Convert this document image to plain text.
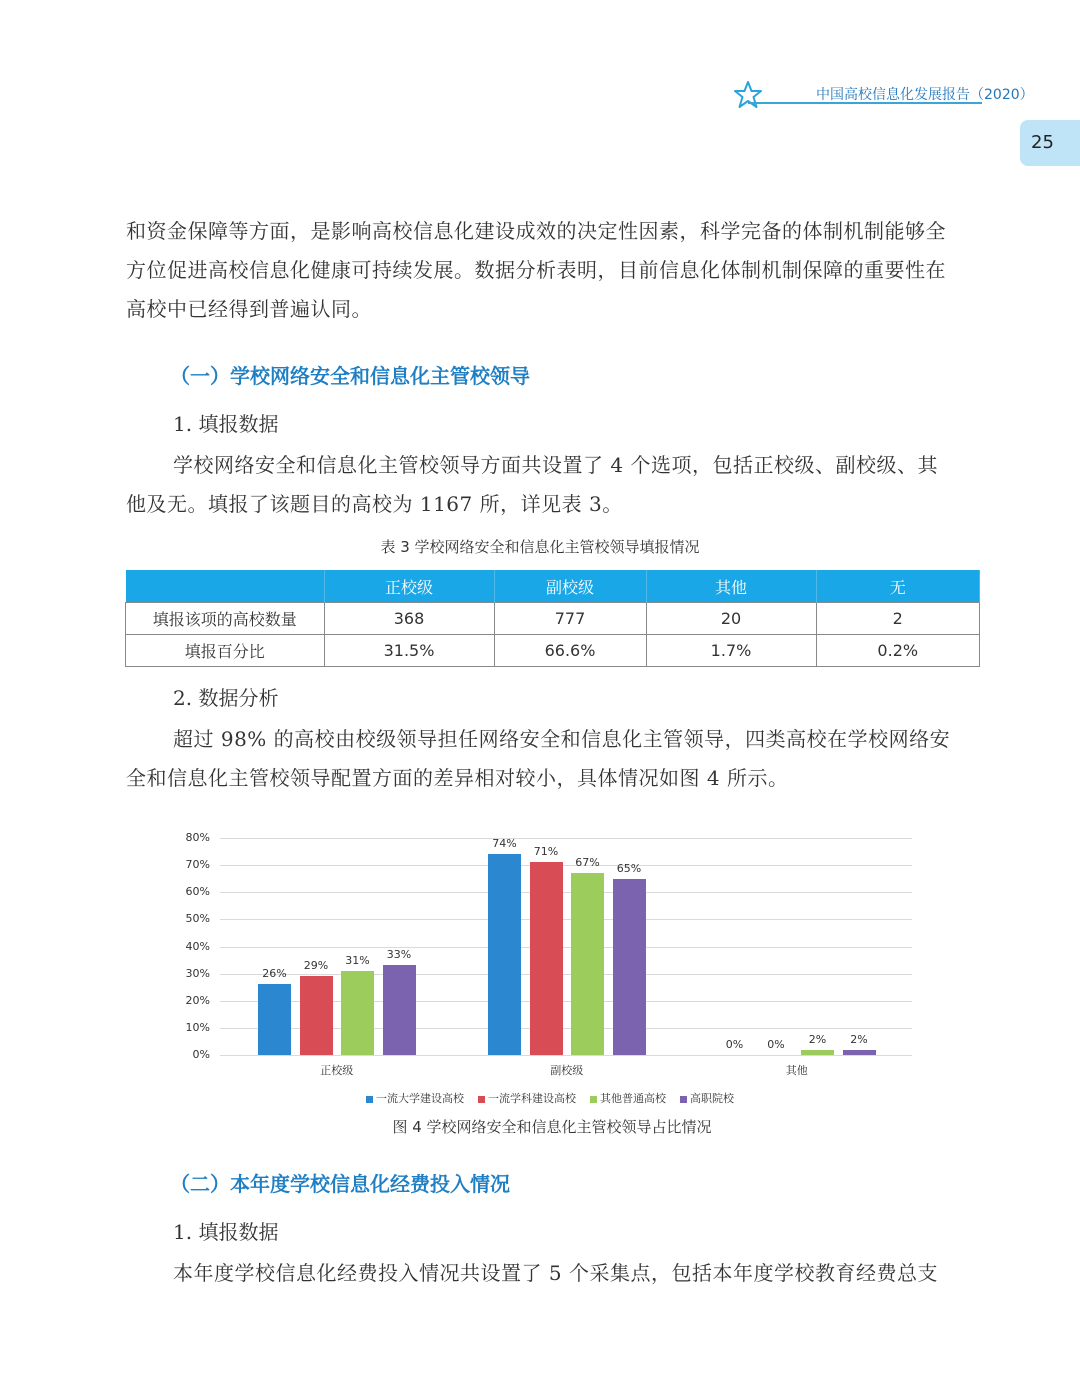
中国高校信息化发展报告（2020）
25
和资金保障等方面，是影响高校信息化建设成效的决定性因素，科学完备的体制机制能够全
方位促进高校信息化健康可持续发展。数据分析表明，目前信息化体制机制保障的重要性在
高校中已经得到普遍认同。
（一）学校网络安全和信息化主管校领导
1. 填报数据
学校网络安全和信息化主管校领导方面共设置了 4 个选项，包括正校级、副校级、其
他及无。填报了该题目的高校为 1167 所，详见表 3。
表 3 学校网络安全和信息化主管校领导填报情况
	正校级	副校级	其他	无
填报该项的高校数量	368	777	20	2
填报百分比	31.5%	66.6%	1.7%	0.2%
2. 数据分析
超过 98% 的高校由校级领导担任网络安全和信息化主管领导，四类高校在学校网络安
全和信息化主管校领导配置方面的差异相对较小，具体情况如图 4 所示。
0%
10%
20%
30%
40%
50%
60%
70%
80%
26%
29%	31%	33%
正校级
74%
71%
67%	65%
副校级
0%	0%	2%	2%
其他
一流大学建设高校 一流学科建设高校 其他普通高校 高职院校
图 4 学校网络安全和信息化主管校领导占比情况
（二）本年度学校信息化经费投入情况
1. 填报数据
本年度学校信息化经费投入情况共设置了 5 个采集点，包括本年度学校教育经费总支
